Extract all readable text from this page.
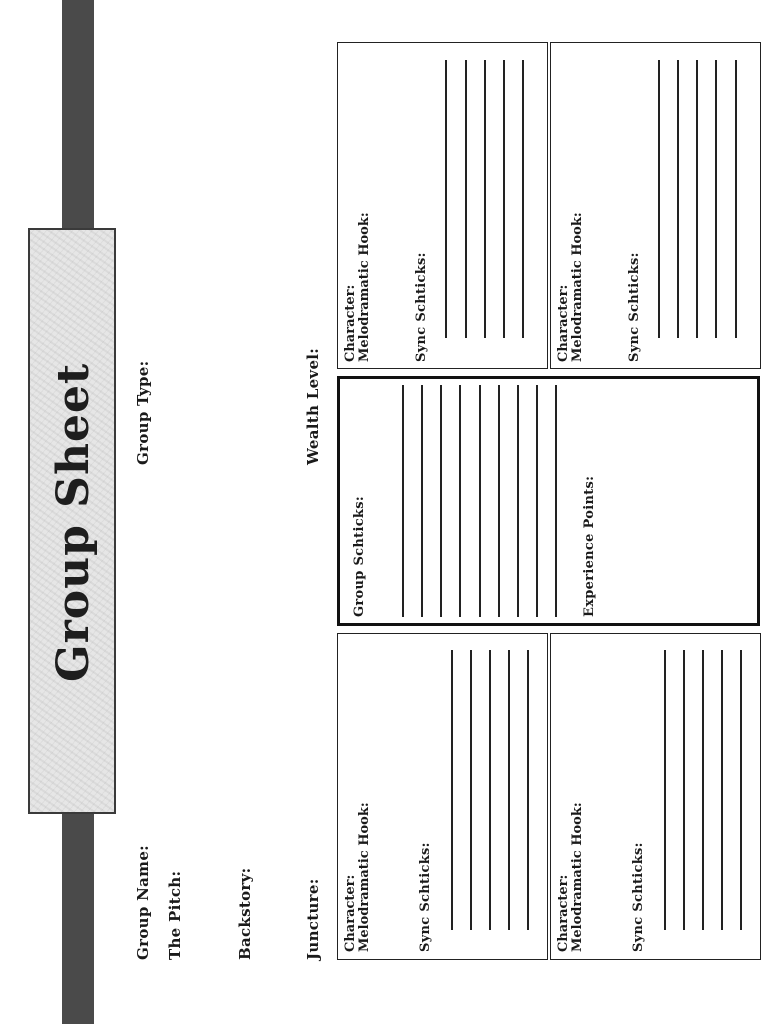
Group Sheet
Group Name: The Pitch:	Backstory:	Juncture:
Group Type:	Wealth Level:
Character: Melodramatic Hook:	Sync Schticks:	Character: Melodramatic Hook:	Sync Schticks:
Group Schticks:	Experience Points:
Character: Melodramatic Hook:	Sync Schticks:	Character: Melodramatic Hook:	Sync Schticks:
